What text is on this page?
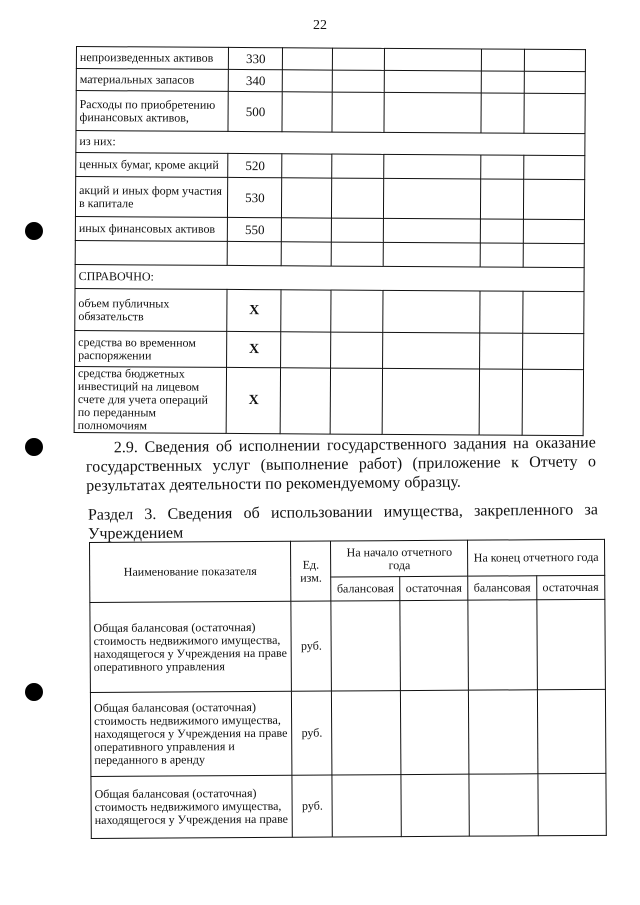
22
непроизведенных активов	330					
материальных запасов	340					
Расходы по приобретению финансовых активов,	500					
из них:						
ценных бумаг, кроме акций	520					
акций и иных форм участия в капитале	530					
иных финансовых активов	550					

СПРАВОЧНО:						
объем публичных обязательств	X					
средства во временном распоряжении	X					
средства бюджетных инвестиций на лицевом счете для учета операций по переданным полномочиям	X					
2.9. Сведения об исполнении государственного задания на оказание государственных услуг (выполнение работ) (приложение к Отчету о результатах деятельности по рекомендуемому образцу.
Раздел 3. Сведения об использовании имущества, закрепленного за Учреждением
Наименование показателя	Ед. изм.	На начало отчетного года		На конец отчетного года	
		балансовая	остаточная	балансовая	остаточная
Общая балансовая (остаточная) стоимость недвижимого имущества, находящегося у Учреждения на праве оперативного управления	руб.				
Общая балансовая (остаточная) стоимость недвижимого имущества, находящегося у Учреждения на праве оперативного управления и переданного в аренду	руб.				
Общая балансовая (остаточная) стоимость недвижимого имущества, находящегося у Учреждения на праве	руб.				
